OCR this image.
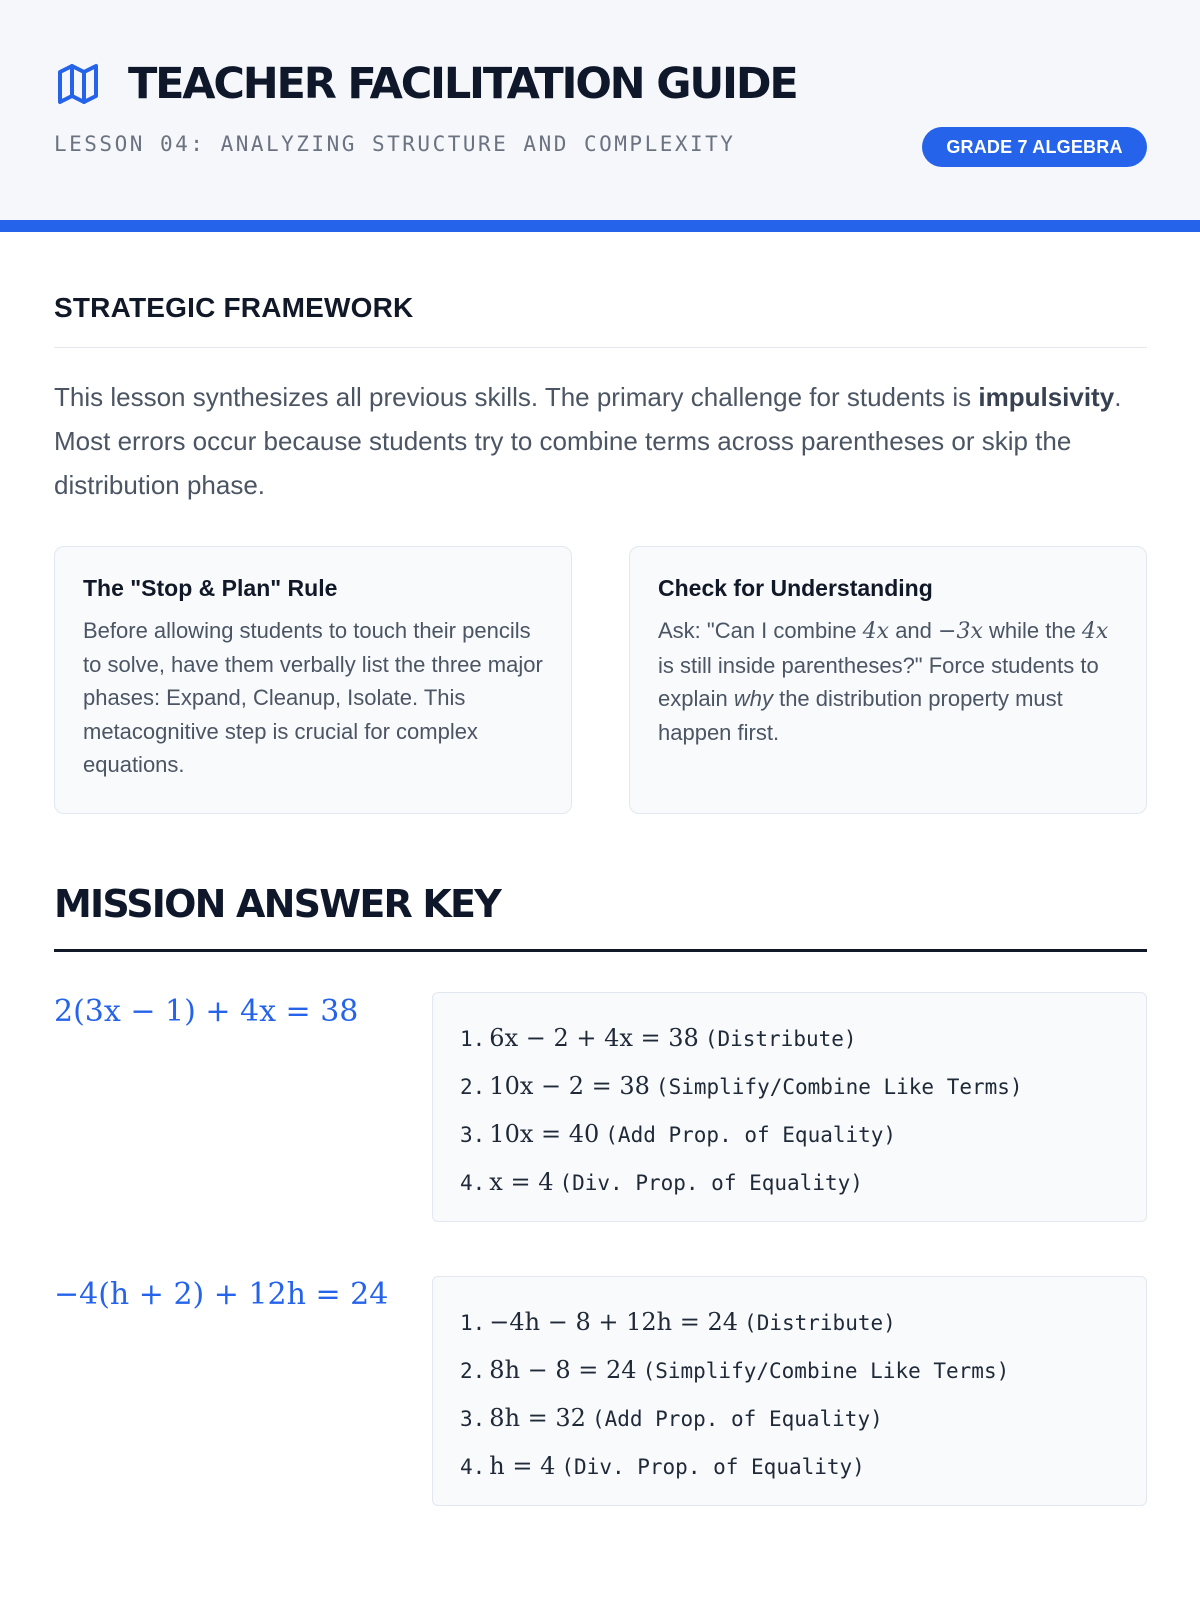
TEACHER FACILITATION GUIDE
LESSON 04: ANALYZING STRUCTURE AND COMPLEXITY	GRADE 7 ALGEBRA
STRATEGIC FRAMEWORK
This lesson synthesizes all previous skills. The primary challenge for students is impulsivity. Most errors occur because students try to combine terms across parentheses or skip the distribution phase.
The "Stop & Plan" Rule
Before allowing students to touch their pencils to solve, have them verbally list the three major phases: Expand, Cleanup, Isolate. This metacognitive step is crucial for complex equations.
Check for Understanding
Ask: "Can I combine 4x and −3x while the 4x is still inside parentheses?" Force students to explain why the distribution property must happen first.
MISSION ANSWER KEY
2(3x − 1) + 4x = 38
1. 6x − 2 + 4x = 38 (Distribute)
2. 10x − 2 = 38 (Simplify/Combine Like Terms)
3. 10x = 40 (Add Prop. of Equality)
4. x = 4 (Div. Prop. of Equality)
−4(h + 2) + 12h = 24
1. −4h − 8 + 12h = 24 (Distribute)
2. 8h − 8 = 24 (Simplify/Combine Like Terms)
3. 8h = 32 (Add Prop. of Equality)
4. h = 4 (Div. Prop. of Equality)
